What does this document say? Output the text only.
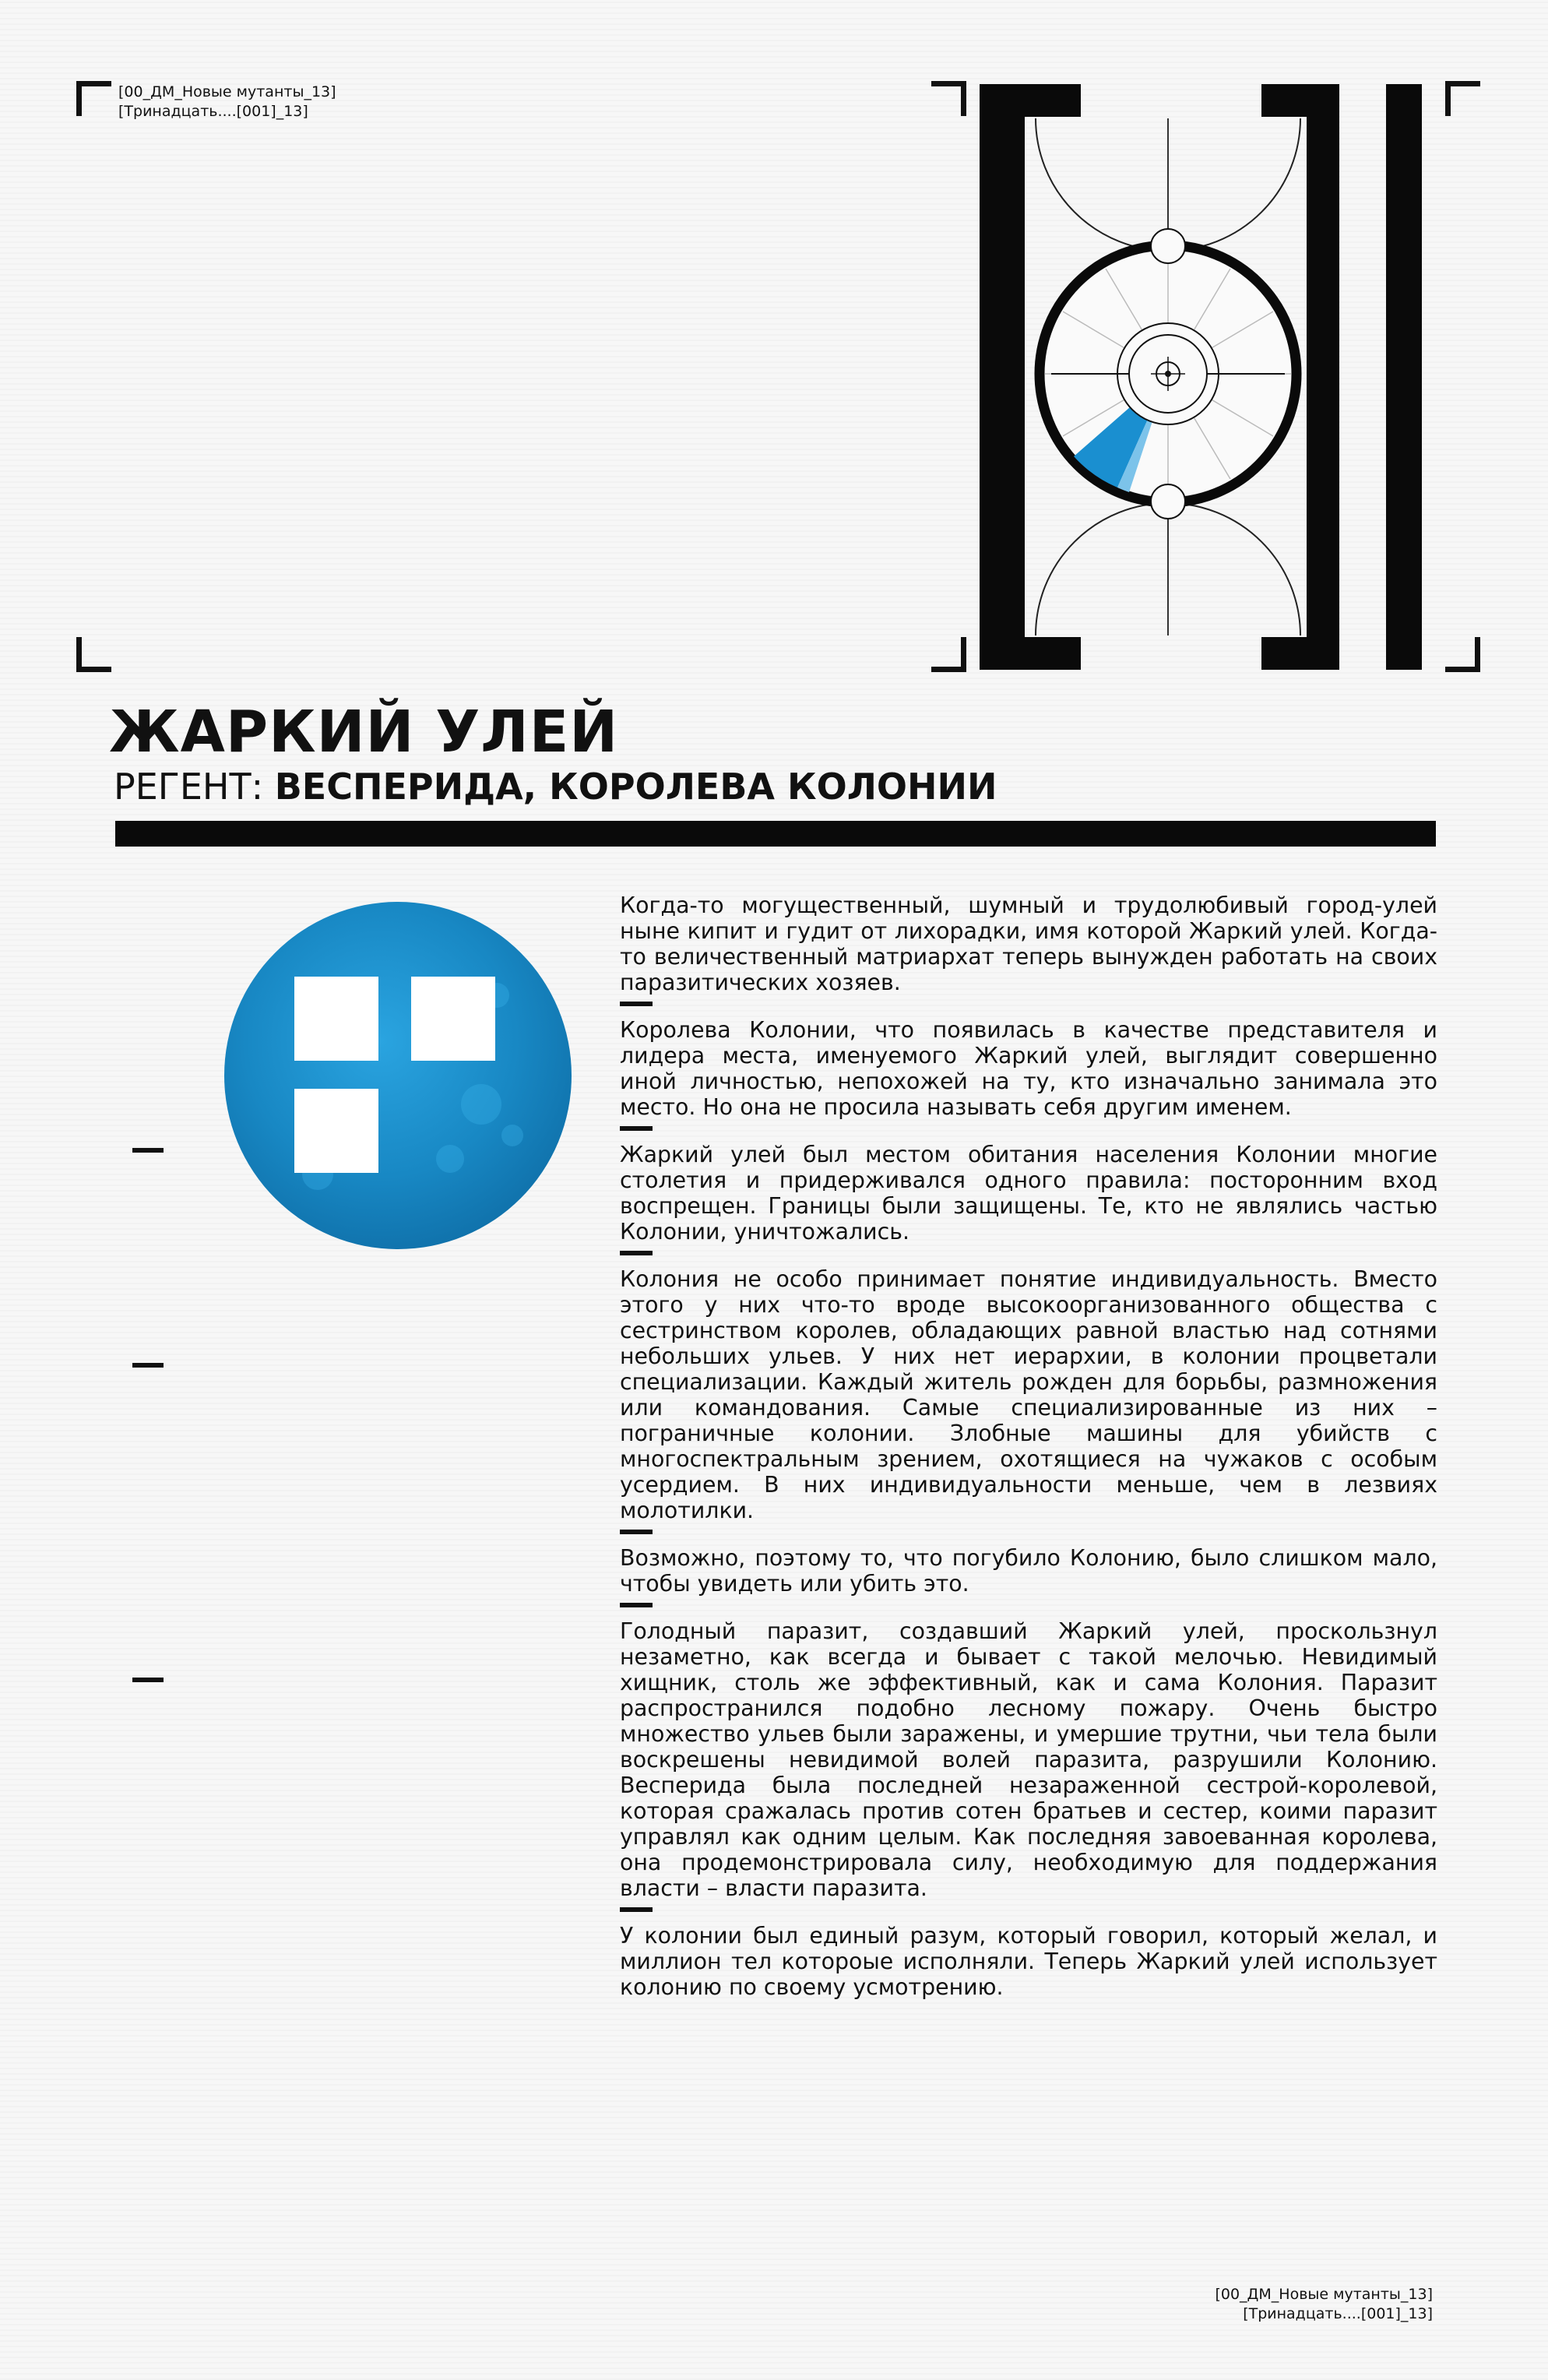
[00_ДМ_Новые мутанты_13]
[Тринадцать....[001]_13]
ЖАРКИЙ УЛЕЙ
РЕГЕНТ: ВЕСПЕРИДА, КОРОЛЕВА КОЛОНИИ

Когда-то могущественный, шумный и трудолюбивый город-улей ныне кипит и гудит от лихорадки, имя которой Жаркий улей. Когда-то величественный матриархат теперь вынужден работать на своих паразитических хозяев.

Королева Колонии, что появилась в качестве представителя и лидера места, именуемого Жаркий улей, выглядит совершенно иной личностью, непохожей на ту, кто изначально занимала это место. Но она не просила называть себя другим именем.

Жаркий улей был местом обитания населения Колонии многие столетия и придерживался одного правила: посторонним вход воспрещен. Границы были защищены. Те, кто не являлись частью Колонии, уничтожались.

Колония не особо принимает понятие индивидуальность. Вместо этого у них что-то вроде высокоорганизованного общества с сестринством королев, обладающих равной властью над сотнями небольших ульев. У них нет иерархии, в колонии процветали специализации. Каждый житель рожден для борьбы, размножения или командования. Самые специализированные из них – пограничные колонии. Злобные машины для убийств с многоспектральным зрением, охотящиеся на чужаков с особым усердием. В них индивидуальности меньше, чем в лезвиях молотилки.

Возможно, поэтому то, что погубило Колонию, было слишком мало, чтобы увидеть или убить это.

Голодный паразит, создавший Жаркий улей, проскользнул незаметно, как всегда и бывает с такой мелочью. Невидимый хищник, столь же эффективный, как и сама Колония. Паразит распространился подобно лесному пожару. Очень быстро множество ульев были заражены, и умершие трутни, чьи тела были воскрешены невидимой волей паразита, разрушили Колонию. Весперида была последней незараженной сестрой-королевой, которая сражалась против сотен братьев и сестер, коими паразит управлял как одним целым. Как последняя завоеванная королева, она продемонстрировала силу, необходимую для поддержания власти – власти паразита.

У колонии был единый разум, который говорил, который желал, и миллион тел котороые исполняли. Теперь Жаркий улей использует колонию по своему усмотрению.

[00_ДМ_Новые мутанты_13]
[Тринадцать....[001]_13]
